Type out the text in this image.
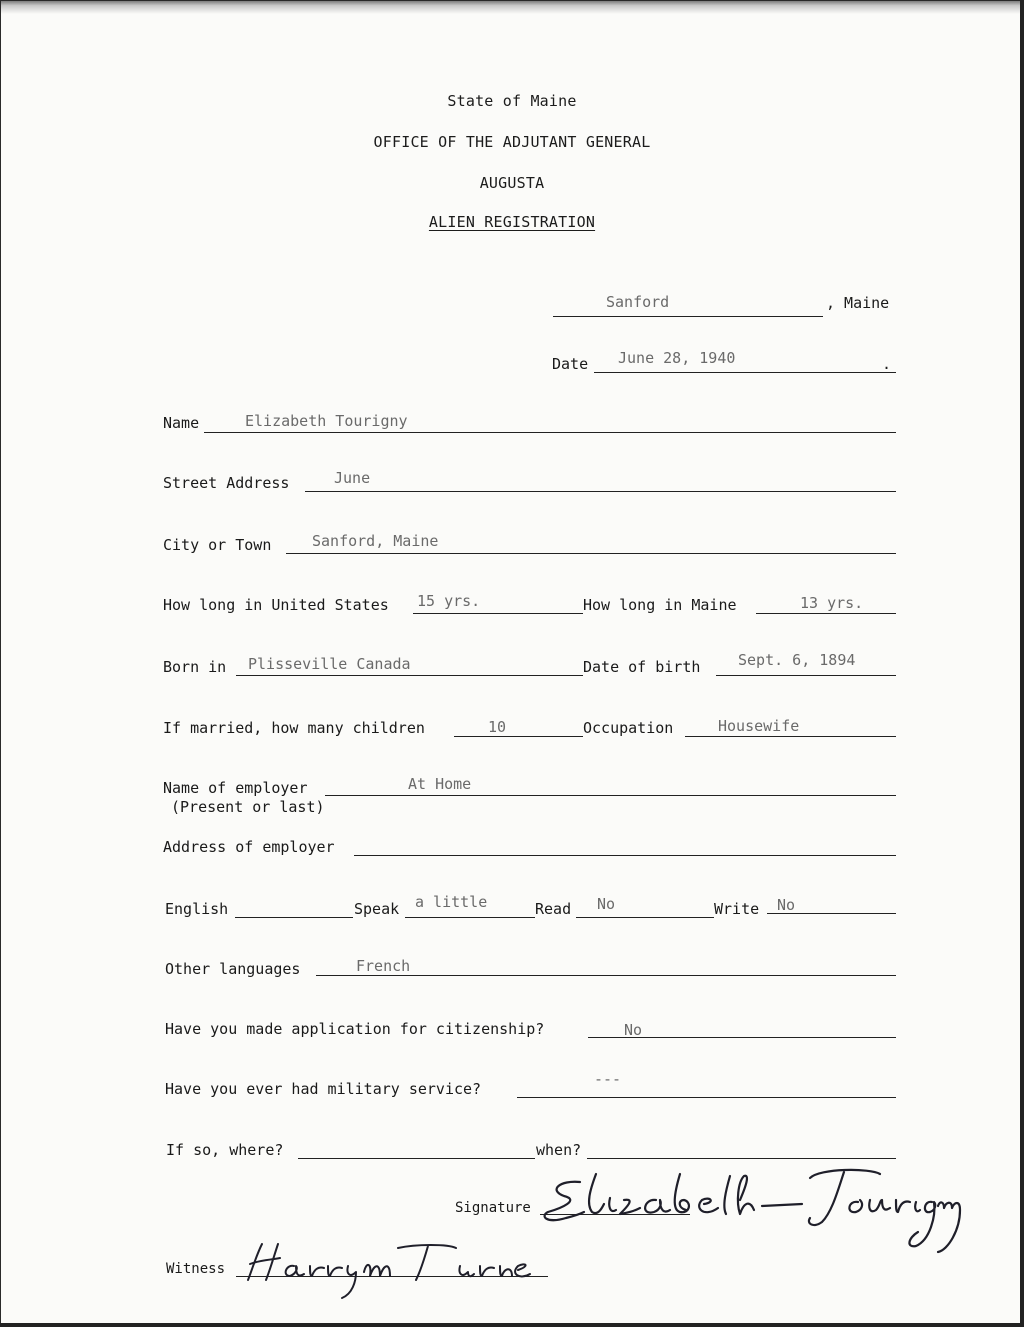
State of Maine
OFFICE OF THE ADJUTANT GENERAL
AUGUSTA
ALIEN REGISTRATION
Sanford	, Maine
Date June 28, 1940	.
Name	Elizabeth Tourigny
Street Address	June
City or Town	Sanford, Maine
How long in United States 15 yrs.	How long in Maine	13 yrs.
Born in Plisseville Canada	Date of birth	Sept. 6, 1894
If married, how many children	10	Occupation	Housewife
Name of employer
(Present or last)
At Home
Address of employer
English	Speak a little	Read No	Write No
Other languages	French
Have you made application for citizenship?	No
Have you ever had military service?
---
If so, where?	when?
Signature
Witness
